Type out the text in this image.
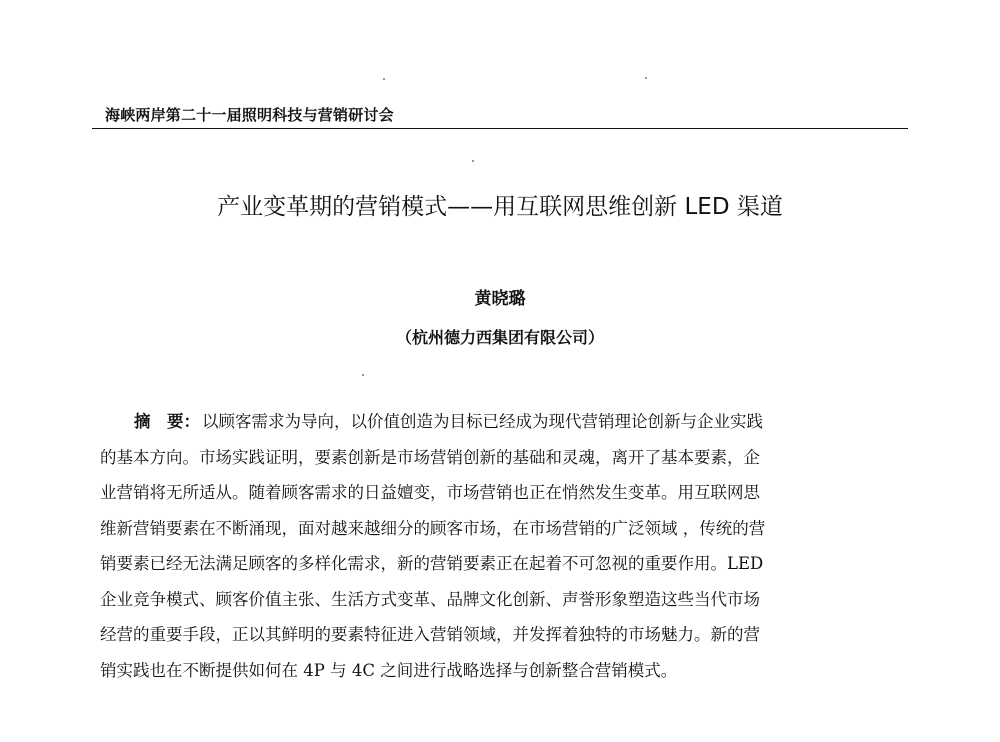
海峡两岸第二十一届照明科技与营销研讨会
产业变革期的营销模式——用互联网思维创新 LED 渠道
黄晓璐
（杭州德力西集团有限公司）
摘　要： 以顾客需求为导向，以价值创造为目标已经成为现代营销理论创新与企业实践
的基本方向。市场实践证明，要素创新是市场营销创新的基础和灵魂，离开了基本要素，企
业营销将无所适从。随着顾客需求的日益嬗变，市场营销也正在悄然发生变革。用互联网思
维新营销要素在不断涌现，面对越来越细分的顾客市场，在市场营销的广泛领域 ，传统的营
销要素已经无法满足顾客的多样化需求，新的营销要素正在起着不可忽视的重要作用。LED
企业竞争模式、顾客价值主张、生活方式变革、品牌文化创新、声誉形象塑造这些当代市场
经营的重要手段，正以其鲜明的要素特征进入营销领域，并发挥着独特的市场魅力。新的营
销实践也在不断提供如何在 4P 与 4C 之间进行战略选择与创新整合营销模式。
